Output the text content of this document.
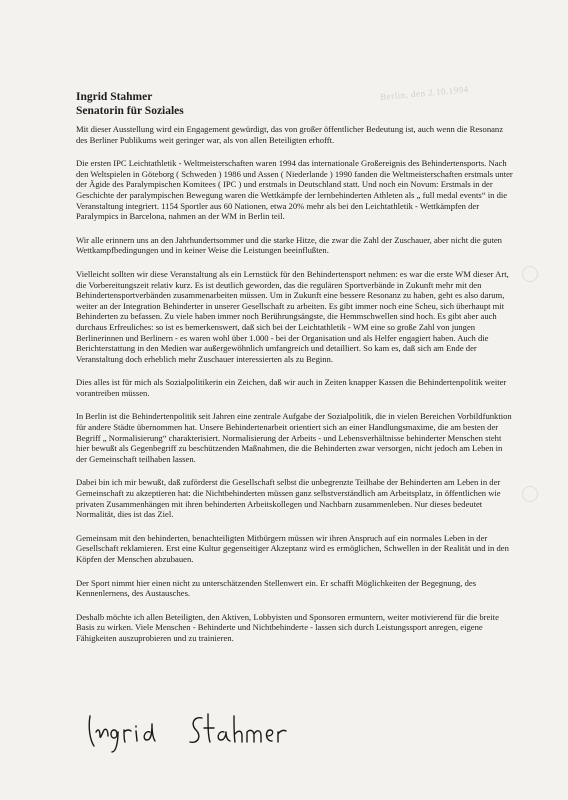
Berlin, den 2.10.1994
Ingrid Stahmer
Senatorin für Soziales

Mit dieser Ausstellung wird ein Engagement gewürdigt, das von großer öffentlicher Bedeutung ist, auch wenn die Resonanz des Berliner Publikums weit geringer war, als von allen Beteiligten erhofft.

Die ersten IPC Leichtathletik - Weltmeisterschaften waren 1994 das internationale Großereignis des Behindertensports. Nach den Weltspielen in Göteborg ( Schweden ) 1986 und Assen ( Niederlande ) 1990 fanden die Weltmeisterschaften erstmals unter der Ägide des Paralympischen Komitees ( IPC ) und erstmals in Deutschland statt. Und noch ein Novum: Erstmals in der Geschichte der paralympischen Bewegung waren die Wettkämpfe der lernbehinderten Athleten als „ full medal events“ in die Veranstaltung integriert. 1154 Sportler aus 60 Nationen, etwa 20% mehr als bei den Leichtathletik - Wettkämpfen der Paralympics in Barcelona, nahmen an der WM in Berlin teil.

Wir alle erinnern uns an den Jahrhundertsommer und die starke Hitze, die zwar die Zahl der Zuschauer, aber nicht die guten Wettkampfbedingungen und in keiner Weise die Leistungen beeinflußten.

Vielleicht sollten wir diese Veranstaltung als ein Lernstück für den Behindertensport nehmen: es war die erste WM dieser Art, die Vorbereitungszeit relativ kurz. Es ist deutlich geworden, das die regulären Sportverbände in Zukunft mehr mit den Behindertensportverbänden zusammenarbeiten müssen. Um in Zukunft eine bessere Resonanz zu haben, geht es also darum, weiter an der Integration Behinderter in unserer Gesellschaft zu arbeiten. Es gibt immer noch eine Scheu, sich überhaupt mit Behinderten zu befassen. Zu viele haben immer noch Berührungsängste, die Hemmschwellen sind hoch. Es gibt aber auch durchaus Erfreuliches: so ist es bemerkenswert, daß sich bei der Leichtathletik - WM eine so große Zahl von jungen Berlinerinnen und Berlinern - es waren wohl über 1.000 - bei der Organisation und als Helfer engagiert haben. Auch die Berichterstattung in den Medien war außergewöhnlich umfangreich und detailliert. So kam es, daß sich am Ende der Veranstaltung doch erheblich mehr Zuschauer interessierten als zu Beginn.

Dies alles ist für mich als Sozialpolitikerin ein Zeichen, daß wir auch in Zeiten knapper Kassen die Behindertenpolitik weiter vorantreiben müssen.

In Berlin ist die Behindertenpolitik seit Jahren eine zentrale Aufgabe der Sozialpolitik, die in vielen Bereichen Vorbildfunktion für andere Städte übernommen hat. Unsere Behindertenarbeit orientiert sich an einer Handlungsmaxime, die am besten der Begriff „ Normalisierung“ charakterisiert. Normalisierung der Arbeits - und Lebensverhältnisse behinderter Menschen steht hier bewußt als Gegenbegriff zu beschützenden Maßnahmen, die die Behinderten zwar versorgen, nicht jedoch am Leben in der Gemeinschaft teilhaben lassen.

Dabei bin ich mir bewußt, daß zuförderst die Gesellschaft selbst die unbegrenzte Teilhabe der Behinderten am Leben in der Gemeinschaft zu akzeptieren hat: die Nichtbehinderten müssen ganz selbstverständlich am Arbeitsplatz, in öffentlichen wie privaten Zusammenhängen mit ihren behinderten Arbeitskollegen und Nachbarn zusammenleben. Nur dieses bedeutet Normalität, dies ist das Ziel.

Gemeinsam mit den behinderten, benachteiligten Mitbürgern müssen wir ihren Anspruch auf ein normales Leben in der Gesellschaft reklamieren. Erst eine Kultur gegenseitiger Akzeptanz wird es ermöglichen, Schwellen in der Realität und in den Köpfen der Menschen abzubauen.

Der Sport nimmt hier einen nicht zu unterschätzenden Stellenwert ein. Er schafft Möglichkeiten der Begegnung, des Kennenlernens, des Austausches.

Deshalb möchte ich allen Beteiligten, den Aktiven, Lobbyisten und Sponsoren ermuntern, weiter motivierend für die breite Basis zu wirken. Viele Menschen - Behinderte und Nichtbehinderte - lassen sich durch Leistungssport anregen, eigene Fähigkeiten auszuprobieren und zu trainieren.
